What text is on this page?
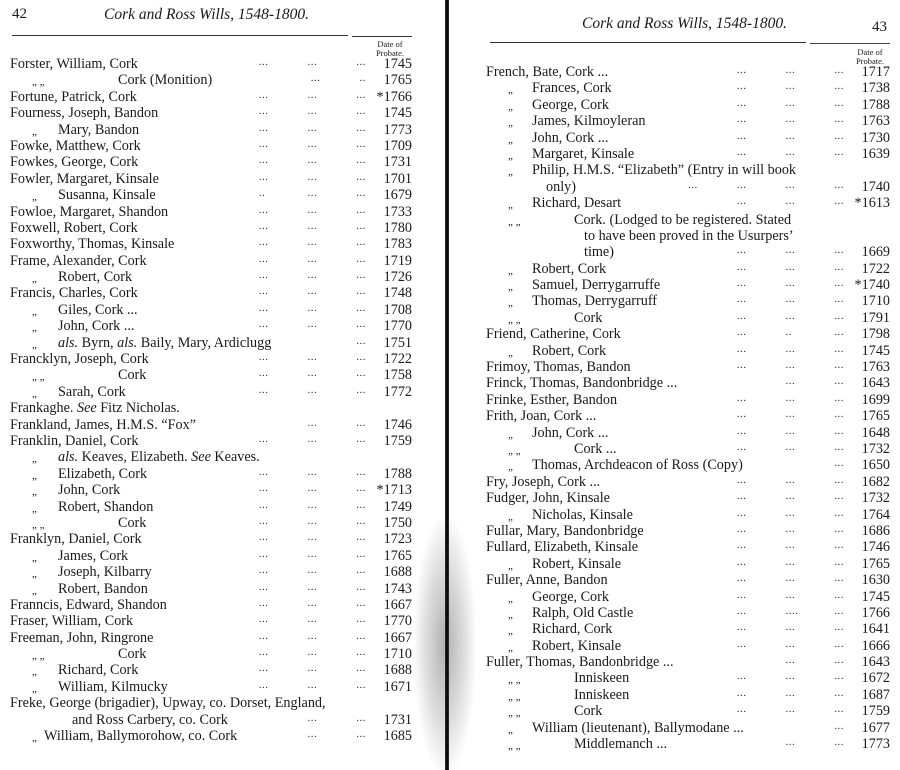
42	Cork and Ross Wills, 1548-1800.
Date of
Probate.
Forster, William, Cork	...            ...            ... 1745
„ „	Cork (Monition)	...            .. 1765
Fortune, Patrick, Cork	...            ...            ... *1766
Fourness, Joseph, Bandon	...            ...            ... 1745
„ Mary, Bandon	...            ...            ... 1773
Fowke, Matthew, Cork	...            ...            ... 1709
Fowkes, George, Cork	...            ...            ... 1731
Fowler, Margaret, Kinsale	...            ...            ... 1701
„ Susanna, Kinsale	..             ...            ... 1679
Fowloe, Margaret, Shandon	...            ...            ... 1733
Foxwell, Robert, Cork	...            ...            ... 1780
Foxworthy, Thomas, Kinsale	...            ...            ... 1783
Frame, Alexander, Cork	...            ...            ... 1719
„ Robert, Cork	...            ...            ... 1726
Francis, Charles, Cork	...            ...            ... 1748
„ Giles, Cork ...	...            ...            ... 1708
„ John, Cork ...	...            ...            ... 1770
„ als. Byrn, als. Baily, Mary, Ardiclugg	... 1751
Francklyn, Joseph, Cork	...            ...            ... 1722
„ „	Cork	...            ...            ... 1758
„ Sarah, Cork	...            ...            ... 1772
Frankaghe. See Fitz Nicholas.
Frankland, James, H.M.S. “Fox”	...            ... 1746
Franklin, Daniel, Cork	...            ...            ... 1759
„ als. Keaves, Elizabeth. See Keaves.
„ Elizabeth, Cork	...            ...            ... 1788
„ John, Cork	...            ...            ... *1713
„ Robert, Shandon	...            ...            ... 1749
„ „	Cork	...            ...            ... 1750
Franklyn, Daniel, Cork	...            ...            ... 1723
„ James, Cork	...            ...            ... 1765
„ Joseph, Kilbarry	...            ...            ... 1688
„ Robert, Bandon	...            ...            ... 1743
Franncis, Edward, Shandon	...            ...            ... 1667
Fraser, William, Cork	...            ...            ... 1770
Freeman, John, Ringrone	...            ...            ... 1667
„ „	Cork	...            ...            ... 1710
„ Richard, Cork	...            ...            ... 1688
„ William, Kilmucky	...            ...            ... 1671
Freke, George (brigadier), Upway, co. Dorset, England,
and Ross Carbery, co. Cork	...            ... 1731
„ William, Ballymorohow, co. Cork	...            ... 1685
Cork and Ross Wills, 1548-1800.	43
Date of
Probate.
French, Bate, Cork ...	...            ...            ... 1717
„ Frances, Cork	...            ...            ... 1738
„ George, Cork	...            ...            ... 1788
„ James, Kilmoyleran	...            ...            ... 1763
„ John, Cork ...	...            ...            ... 1730
„ Margaret, Kinsale	...            ...            ... 1639
„ Philip, H.M.S. “Elizabeth” (Entry in will book
only)	...            ...            ...            ... 1740
„ Richard, Desart	...            ...            ... *1613
„ „	Cork. (Lodged to be registered. Stated
to have been proved in the Usurpers’
time)	...            ...            ... 1669
„ Robert, Cork	...            ...            ... 1722
„ Samuel, Derrygarruffe	...            ...            ... *1740
„ Thomas, Derrygarruff	...            ...            ... 1710
„ „	Cork	...            ...            ... 1791
Friend, Catherine, Cork	...            ..             ... 1798
„ Robert, Cork	...            ...            ... 1745
Frimoy, Thomas, Bandon	...            ...            ... 1763
Frinck, Thomas, Bandonbridge ...	...            ... 1643
Frinke, Esther, Bandon	...            ...            ... 1699
Frith, Joan, Cork ...	...            ...            ... 1765
„ John, Cork ...	...            ...            ... 1648
„ „	Cork ...	...            ...            ... 1732
„ Thomas, Archdeacon of Ross (Copy)	... 1650
Fry, Joseph, Cork ...	...            ...            ... 1682
Fudger, John, Kinsale	...            ...            ... 1732
„ Nicholas, Kinsale	...            ...            ... 1764
Fullar, Mary, Bandonbridge	...            ...            ... 1686
Fullard, Elizabeth, Kinsale	...            ...            ... 1746
„ Robert, Kinsale	...            ...            ... 1765
Fuller, Anne, Bandon	...            ...            ... 1630
„ George, Cork	...            ...            ... 1745
„ Ralph, Old Castle	...            ....           ... 1766
„ Richard, Cork	...            ...            ... 1641
„ Robert, Kinsale	...            ...            ... 1666
Fuller, Thomas, Bandonbridge ...	...            ... 1643
„ „	Inniskeen	...            ...            ... 1672
„ „	Inniskeen	...            ...            ... 1687
„ „	Cork	...            ...            ... 1759
„ William (lieutenant), Ballymodane ...	... 1677
„ „	Middlemanch ...	...            ... 1773
